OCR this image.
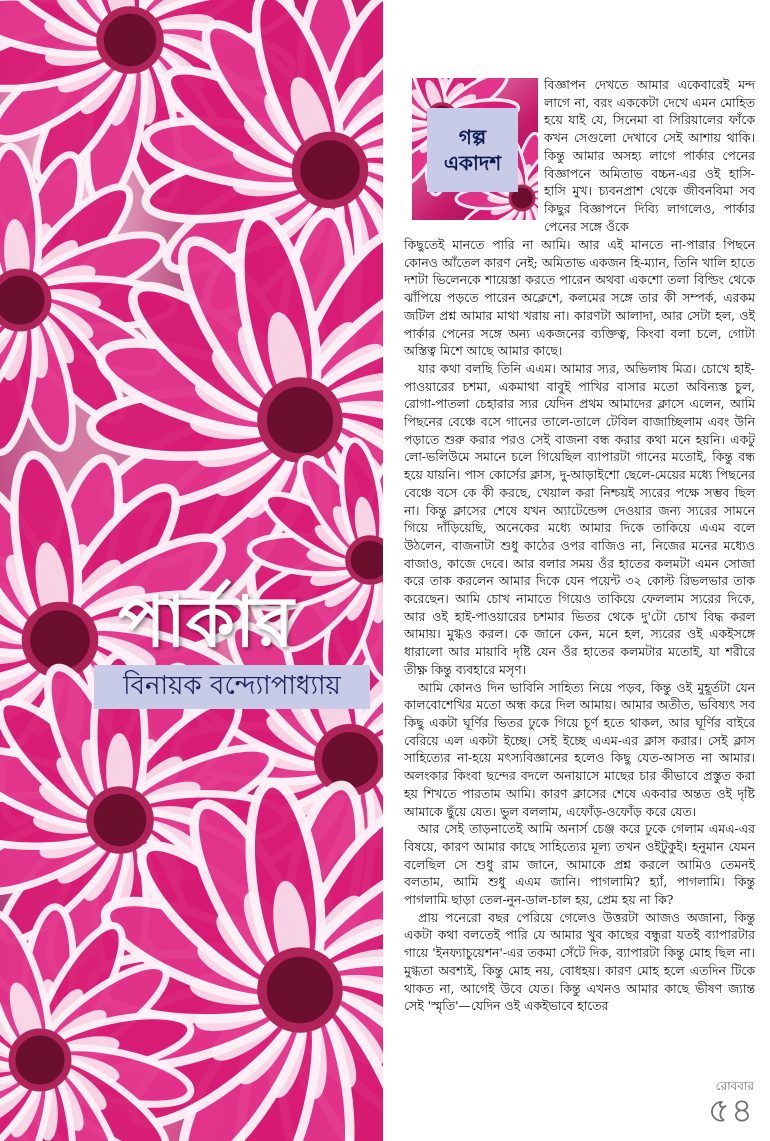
পার্কার
বিনায়ক বন্দ্যোপাধ্যায়
গল্প
একাদশ

বিজ্ঞাপন দেখতে আমার একেবারেই মন্দ লাগে না, বরং এককেটা দেখে এমন মোহিত হয়ে যাই যে, সিনেমা বা সিরিয়ালের ফাঁকে কখন সেগুলো দেখাবে সেই আশায় থাকি। কিন্তু আমার অসহ্য লাগে পার্কার পেনের বিজ্ঞাপনে অমিতাভ বচ্চন-এর ওই হাসি-হাসি মুখ। চ্যবনপ্রাশ থেকে জীবনবিমা সব কিছুর বিজ্ঞাপনে দিব্যি লাগলেও, পার্কার পেনের সঙ্গে ওঁকে

কিছুতেই মানতে পারি না আমি। আর এই মানতে না-পারার পিছনে কোনও আঁতেল কারণ নেই; অমিতাভ একজন হি-ম্যান, তিনি খালি হাতে দশটা ভিলেনকে শায়েস্তা করতে পারেন অথবা একশো তলা বিল্ডিং থেকে ঝাঁপিয়ে পড়তে পারেন অক্লেশে, কলমের সঙ্গে তার কী সম্পর্ক, এরকম জটিল প্রশ্ন আমার মাথা খরায় না। কারণটা আলাদা, আর সেটা হল, ওই পার্কার পেনের সঙ্গে অন্য একজনের ব্যক্তিত্ব, কিংবা বলা চলে, গোটা অস্তিত্ব মিশে আছে আমার কাছে।

যার কথা বলছি তিনি এএম। আমার স্যর, অভিলাষ মিত্র। চোখে হাই-পাওয়ারের চশমা, একমাথা বাবুই পাখির বাসার মতো অবিন্যস্ত চুল, রোগা-পাতলা চেহারার স্যর যেদিন প্রথম আমাদের ক্লাসে এলেন, আমি পিছনের বেঞ্চে বসে গানের তালে-তালে টেবিল বাজাচ্ছিলাম এবং উনি পড়াতে শুরু করার পরও সেই বাজনা বন্ধ করার কথা মনে হয়নি। একটু লো-ভলিউমে সমানে চলে গিয়েছিল ব্যাপারটা গানের মতোই, কিন্তু বন্ধ হয়ে যায়নি। পাস কোর্সের ক্লাস, দু-আড়াইশো ছেলে-মেয়ের মধ্যে পিছনের বেঞ্চে বসে কে কী করছে, খেয়াল করা নিশ্চয়ই স্যরের পক্ষে সম্ভব ছিল না। কিন্তু ক্লাসের শেষে যখন অ্যাটেন্ডেন্স দেওয়ার জন্য স্যরের সামনে গিয়ে দাঁড়িয়েছি, অনেকের মধ্যে আমার দিকে তাকিয়ে এএম বলে উঠলেন, বাজনাটা শুধু কাঠের ওপর বাজিও না, নিজের মনের মধ্যেও বাজাও, কাজে দেবে। আর বলার সময় ওঁর হাতের কলমটা এমন সোজা করে তাক করলেন আমার দিকে যেন পয়েন্ট ৩২ কোল্ট রিভলভার তাক করেছেন। আমি চোখ নামাতে গিয়েও তাকিয়ে ফেললাম স্যরের দিকে, আর ওই হাই-পাওয়ারের চশমার ভিতর থেকে দু'টো চোখ বিদ্ধ করল আমায়। মুগ্ধও করল। কে জানে কেন, মনে হল, স্যরের ওই একইসঙ্গে ধারালো আর মায়াবি দৃষ্টি যেন ওঁর হাতের কলমটার মতোই, যা শরীরে তীক্ষ্ণ কিন্তু ব্যবহারে মসৃণ।

আমি কোনও দিন ভাবিনি সাহিত্য নিয়ে পড়ব, কিন্তু ওই মুহূর্তটা যেন কালবোশেখির মতো অন্ধ করে দিল আমায়। আমার অতীত, ভবিষ্যৎ সব কিছু একটা ঘূর্ণির ভিতর ঢুকে গিয়ে চূর্ণ হতে থাকল, আর ঘূর্ণির বাইরে বেরিয়ে এল একটা ইচ্ছে। সেই ইচ্ছে এএম-এর ক্লাস করার। সেই ক্লাস সাহিত্যের না-হয়ে মৎস্যবিজ্ঞানের হলেও কিছু যেত-আসত না আমার। অলংকার কিংবা ছন্দের বদলে অনায়াসে মাছের চার কীভাবে প্রস্তুত করা হয় শিখতে পারতাম আমি। কারণ ক্লাসের শেষে একবার অন্তত ওই দৃষ্টি আমাকে ছুঁয়ে যেত। ভুল বললাম, এফোঁড়-ওফোঁড় করে যেত।

আর সেই তাড়নাতেই আমি অনার্স চেঞ্জ করে ঢুকে গেলাম এমএ-এর বিষয়ে, কারণ আমার কাছে সাহিত্যের মূল্য তখন ওইটুকুই। হনুমান যেমন বলেছিল সে শুধু রাম জানে, আমাকে প্রশ্ন করলে আমিও তেমনই বলতাম, আমি শুধু এএম জানি। পাগলামি? হ্যাঁ, পাগলামি। কিন্তু পাগলামি ছাড়া তেল-নুন-ডাল-চাল হয়, প্রেম হয় না কি?

প্রায় পনেরো বছর পেরিয়ে গেলেও উত্তরটা আজও অজানা, কিন্তু একটা কথা বলতেই পারি যে আমার খুব কাছের বন্ধুরা যতই ব্যাপারটার গায়ে 'ইনফ্যাচুয়েশন'-এর তকমা সেঁটে দিক, ব্যাপারটা কিন্তু মোহ ছিল না। মুগ্ধতা অবশ্যই, কিন্তু মোহ নয়, বোধহয়। কারণ মোহ হলে এতদিন টিকে থাকত না, আগেই উবে যেত। কিন্তু এখনও আমার কাছে ভীষণ জ্যান্ত সেই 'স্মৃতি'—যেদিন ওই একইভাবে হাতের

রোববার
৫৪
